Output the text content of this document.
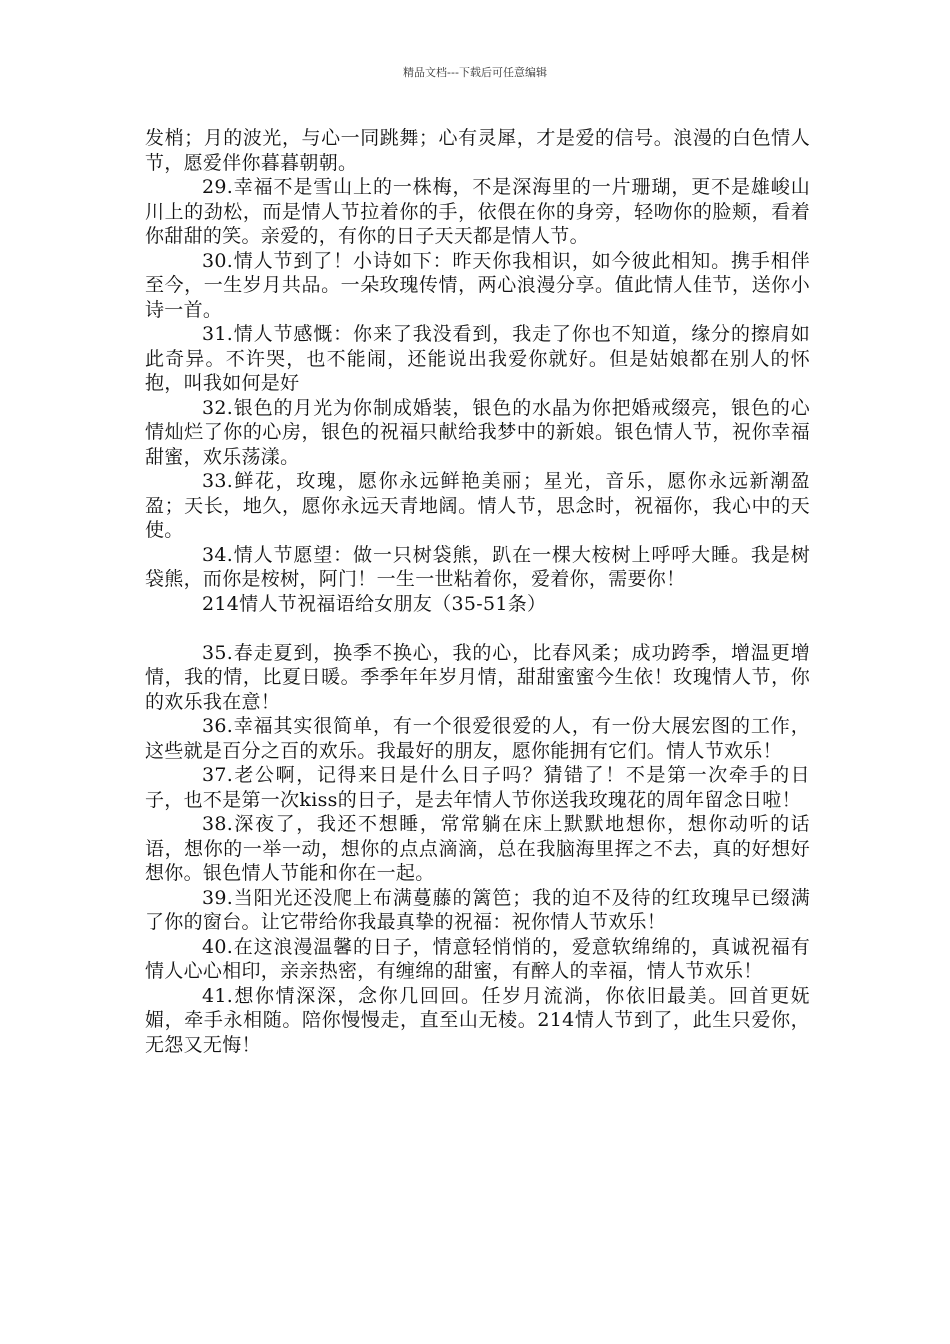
精品文档---下载后可任意编辑

发梢；月的波光，与心一同跳舞；心有灵犀，才是爱的信号。浪漫的白色情人节，愿爱伴你暮暮朝朝。

29.幸福不是雪山上的一株梅，不是深海里的一片珊瑚，更不是雄峻山川上的劲松，而是情人节拉着你的手，依偎在你的身旁，轻吻你的脸颊，看着你甜甜的笑。亲爱的，有你的日子天天都是情人节。

30.情人节到了！小诗如下：昨天你我相识，如今彼此相知。携手相伴至今，一生岁月共品。一朵玫瑰传情，两心浪漫分享。值此情人佳节，送你小诗一首。

31.情人节感慨：你来了我没看到，我走了你也不知道，缘分的擦肩如此奇异。不许哭，也不能闹，还能说出我爱你就好。但是姑娘都在别人的怀抱，叫我如何是好

32.银色的月光为你制成婚装，银色的水晶为你把婚戒缀亮，银色的心情灿烂了你的心房，银色的祝福只献给我梦中的新娘。银色情人节，祝你幸福甜蜜，欢乐荡漾。

33.鲜花，玫瑰，愿你永远鲜艳美丽；星光，音乐，愿你永远新潮盈盈；天长，地久，愿你永远天青地阔。情人节，思念时，祝福你，我心中的天使。

34.情人节愿望：做一只树袋熊，趴在一棵大桉树上呼呼大睡。我是树袋熊，而你是桉树，阿门！一生一世粘着你，爱着你，需要你！

214情人节祝福语给女朋友（35-51条）

35.春走夏到，换季不换心，我的心，比春风柔；成功跨季，增温更增情，我的情，比夏日暖。季季年年岁月情，甜甜蜜蜜今生依！玫瑰情人节，你的欢乐我在意！

36.幸福其实很简单，有一个很爱很爱的人，有一份大展宏图的工作，这些就是百分之百的欢乐。我最好的朋友，愿你能拥有它们。情人节欢乐！

37.老公啊，记得来日是什么日子吗？猜错了！不是第一次牵手的日子，也不是第一次kiss的日子，是去年情人节你送我玫瑰花的周年留念日啦！

38.深夜了，我还不想睡，常常躺在床上默默地想你，想你动听的话语，想你的一举一动，想你的点点滴滴，总在我脑海里挥之不去，真的好想好想你。银色情人节能和你在一起。

39.当阳光还没爬上布满蔓藤的篱笆；我的迫不及待的红玫瑰早已缀满了你的窗台。让它带给你我最真挚的祝福：祝你情人节欢乐！

40.在这浪漫温馨的日子，情意轻悄悄的，爱意软绵绵的，真诚祝福有情人心心相印，亲亲热密，有缠绵的甜蜜，有醉人的幸福，情人节欢乐！

41.想你情深深，念你几回回。任岁月流淌，你依旧最美。回首更妩媚，牵手永相随。陪你慢慢走，直至山无棱。214情人节到了，此生只爱你，无怨又无悔！
